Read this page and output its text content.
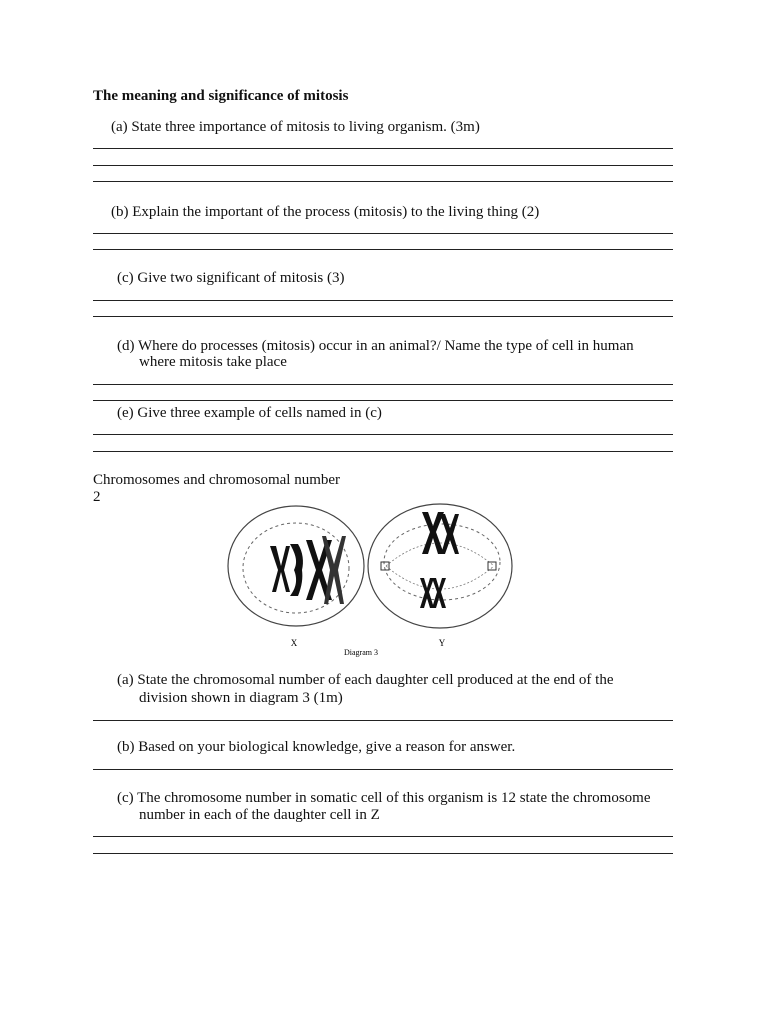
The meaning and significance of mitosis
(a) State three importance of mitosis to living organism. (3m)
(b) Explain the important of the process (mitosis) to the living thing (2)
(c) Give two significant of mitosis (3)
(d) Where do processes (mitosis) occur in an animal?/ Name the type of cell in human
where mitosis take place
(e) Give three example of cells named in (c)
Chromosomes and chromosomal number
2
X	Y
Diagram 3
(a) State the chromosomal number of each daughter cell produced at the end of the
division shown in diagram 3 (1m)
(b) Based on your biological knowledge, give a reason for answer.
(c) The chromosome number in somatic cell of this organism is 12 state the chromosome
number in each of the daughter cell in Z
